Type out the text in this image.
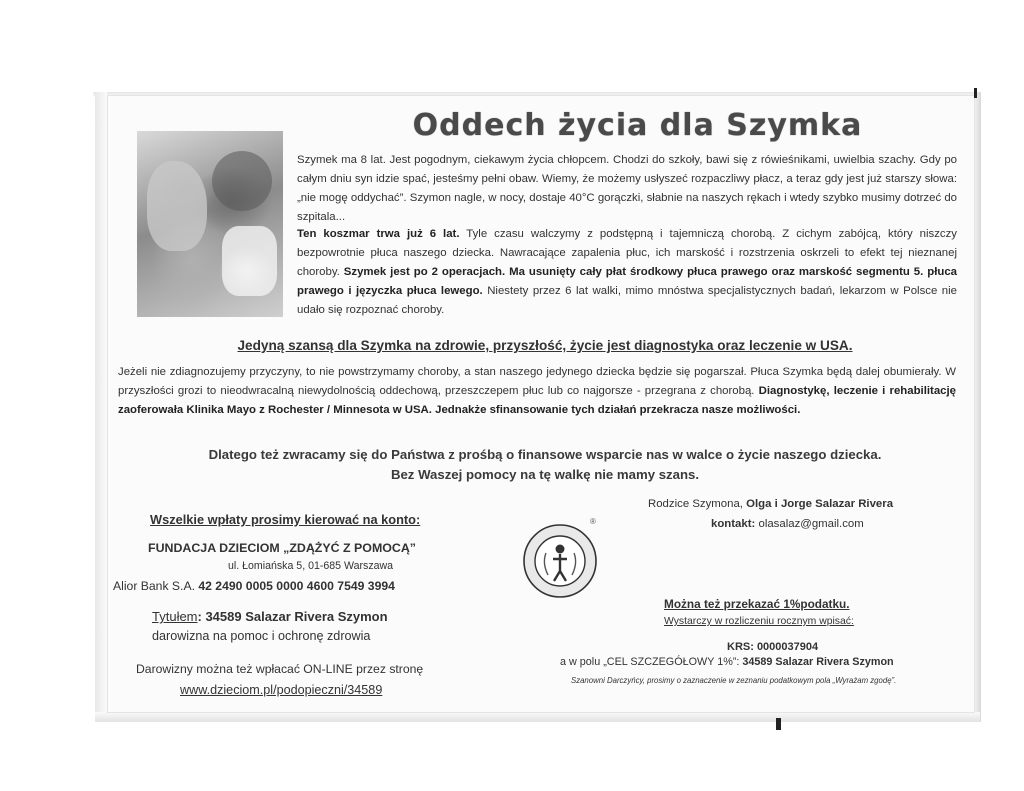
Oddech życia dla Szymka
Szymek ma 8 lat. Jest pogodnym, ciekawym życia chłopcem. Chodzi do szkoły, bawi się z rówieśnikami, uwielbia szachy. Gdy po całym dniu syn idzie spać, jesteśmy pełni obaw. Wiemy, że możemy usłyszeć rozpaczliwy płacz, a teraz gdy jest już starszy słowa: „nie mogę oddychać”. Szymon nagle, w nocy, dostaje 40°C gorączki, słabnie na naszych rękach i wtedy szybko musimy dotrzeć do szpitala...
Ten koszmar trwa już 6 lat. Tyle czasu walczymy z podstępną i tajemniczą chorobą. Z cichym zabójcą, który niszczy bezpowrotnie płuca naszego dziecka. Nawracające zapalenia płuc, ich marskość i rozstrzenia oskrzeli to efekt tej nieznanej choroby. Szymek jest po 2 operacjach. Ma usunięty cały płat środkowy płuca prawego oraz marskość segmentu 5. płuca prawego i języczka płuca lewego. Niestety przez 6 lat walki, mimo mnóstwa specjalistycznych badań, lekarzom w Polsce nie udało się rozpoznać choroby.
Jedyną szansą dla Szymka na zdrowie, przyszłość, życie jest diagnostyka oraz leczenie w USA.
Jeżeli nie zdiagnozujemy przyczyny, to nie powstrzymamy choroby, a stan naszego jedynego dziecka będzie się pogarszał. Płuca Szymka będą dalej obumierały. W przyszłości grozi to nieodwracalną niewydolnością oddechową, przeszczepem płuc lub co najgorsze - przegrana z chorobą. Diagnostykę, leczenie i rehabilitację zaoferowała Klinika Mayo z Rochester / Minnesota w USA. Jednakże sfinansowanie tych działań przekracza nasze możliwości.
Dlatego też zwracamy się do Państwa z prośbą o finansowe wsparcie nas w walce o życie naszego dziecka.
Bez Waszej pomocy na tę walkę nie mamy szans.
Wszelkie wpłaty prosimy kierować na konto:
FUNDACJA DZIECIOM „ZDĄŻYĆ Z POMOCĄ”
ul. Łomiańska 5, 01-685 Warszawa
Alior Bank S.A. 42 2490 0005 0000 4600 7549 3994
Tytułem: 34589 Salazar Rivera Szymon
darowizna na pomoc i ochronę zdrowia
Darowizny można też wpłacać ON-LINE przez stronę
www.dzieciom.pl/podopieczni/34589
®
Rodzice Szymona, Olga i Jorge Salazar Rivera
kontakt: olasalaz@gmail.com
Można też przekazać 1%podatku.
Wystarczy w rozliczeniu rocznym wpisać:
KRS: 0000037904
a w polu „CEL SZCZEGÓŁOWY 1%”: 34589 Salazar Rivera Szymon
Szanowni Darczyńcy, prosimy o zaznaczenie w zeznaniu podatkowym pola „Wyrażam zgodę”.
